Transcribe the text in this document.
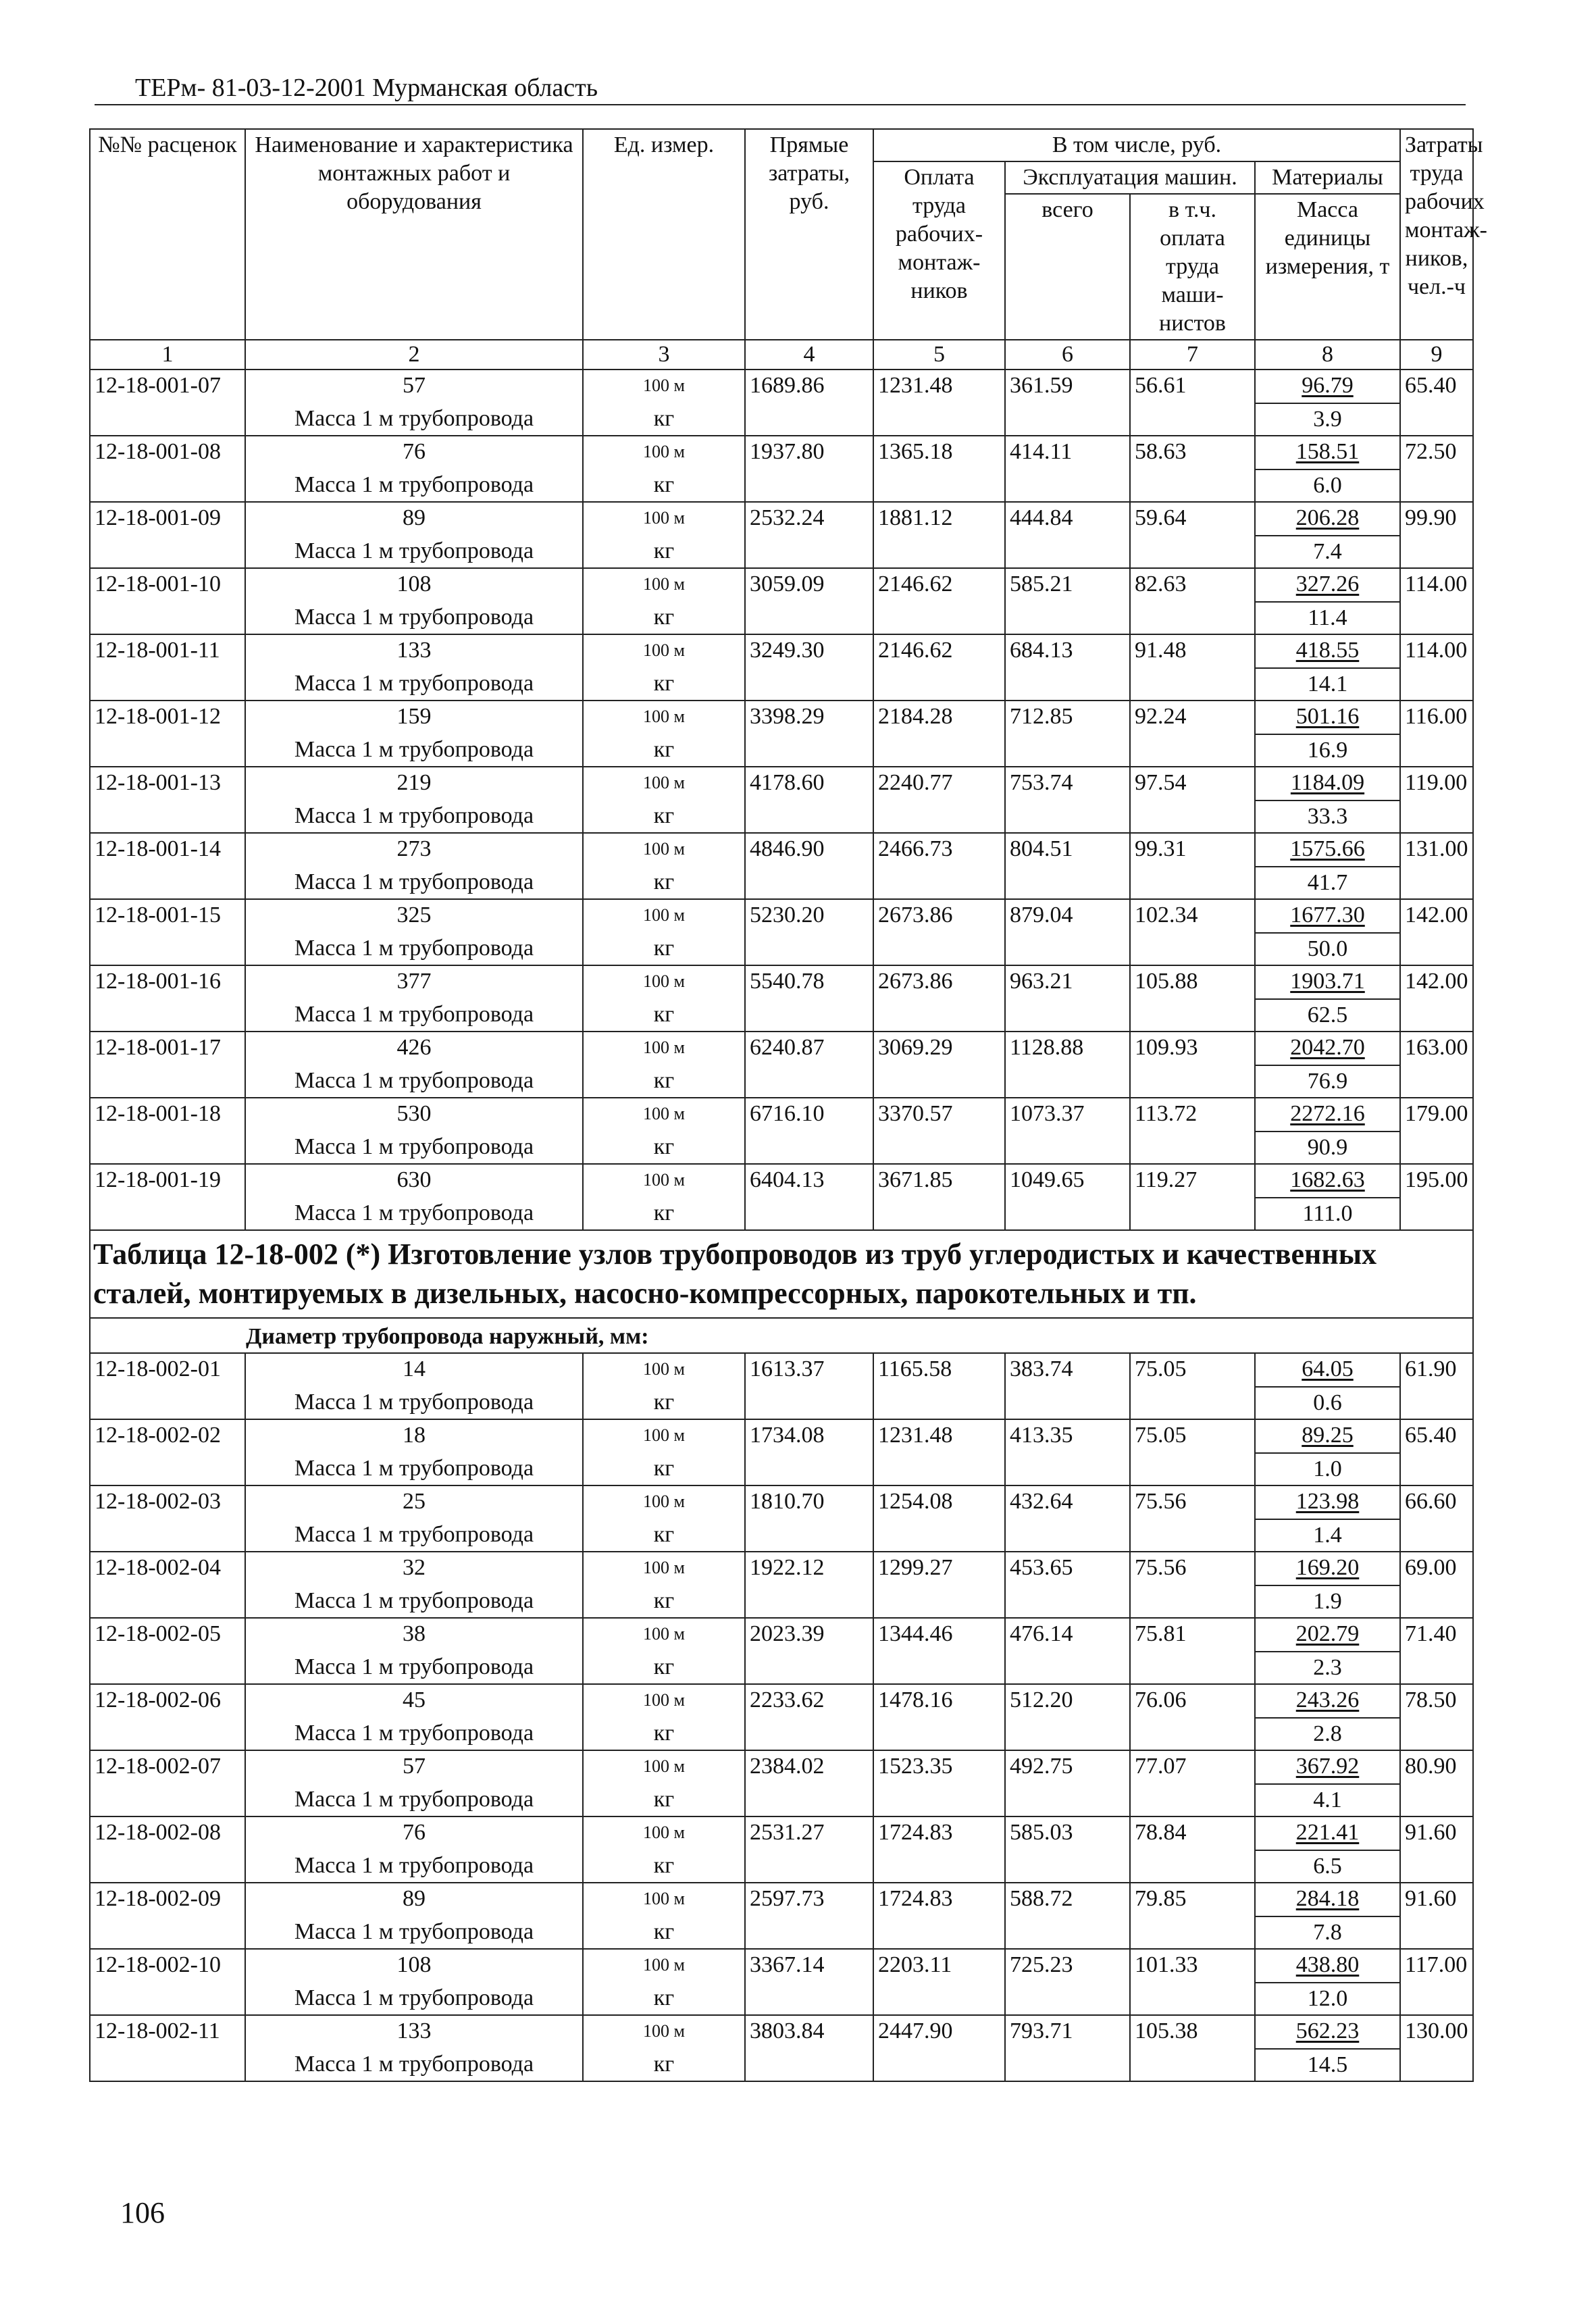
ТЕРм- 81-03-12-2001 Мурманская область
№№ расценок	Наименование и характеристика монтажных работ и оборудования	Ед. измер.	Прямые затраты, руб.	В том числе, руб.				Затраты труда рабочих монтаж-ников, чел.-ч
				Оплата труда рабочих-монтаж-ников	Эксплуатация машин.		Материалы	
					всего	в т.ч. оплата труда маши-нистов	Масса единицы измерения, т	
1	2	3	4	5	6	7	8	9
12-18-001-07	57	100 м	1689.86	1231.48	361.59	56.61	96.79	65.40
	Масса 1 м трубопровода	кг					3.9	
12-18-001-08	76	100 м	1937.80	1365.18	414.11	58.63	158.51	72.50
	Масса 1 м трубопровода	кг					6.0	
12-18-001-09	89	100 м	2532.24	1881.12	444.84	59.64	206.28	99.90
	Масса 1 м трубопровода	кг					7.4	
12-18-001-10	108	100 м	3059.09	2146.62	585.21	82.63	327.26	114.00
	Масса 1 м трубопровода	кг					11.4	
12-18-001-11	133	100 м	3249.30	2146.62	684.13	91.48	418.55	114.00
	Масса 1 м трубопровода	кг					14.1	
12-18-001-12	159	100 м	3398.29	2184.28	712.85	92.24	501.16	116.00
	Масса 1 м трубопровода	кг					16.9	
12-18-001-13	219	100 м	4178.60	2240.77	753.74	97.54	1184.09	119.00
	Масса 1 м трубопровода	кг					33.3	
12-18-001-14	273	100 м	4846.90	2466.73	804.51	99.31	1575.66	131.00
	Масса 1 м трубопровода	кг					41.7	
12-18-001-15	325	100 м	5230.20	2673.86	879.04	102.34	1677.30	142.00
	Масса 1 м трубопровода	кг					50.0	
12-18-001-16	377	100 м	5540.78	2673.86	963.21	105.88	1903.71	142.00
	Масса 1 м трубопровода	кг					62.5	
12-18-001-17	426	100 м	6240.87	3069.29	1128.88	109.93	2042.70	163.00
	Масса 1 м трубопровода	кг					76.9	
12-18-001-18	530	100 м	6716.10	3370.57	1073.37	113.72	2272.16	179.00
	Масса 1 м трубопровода	кг					90.9	
12-18-001-19	630	100 м	6404.13	3671.85	1049.65	119.27	1682.63	195.00
	Масса 1 м трубопровода	кг					111.0	
Таблица 12-18-002 (*) Изготовление узлов трубопроводов из труб углеродистых и качественных сталей, монтируемых в дизельных, насосно-компрессорных, парокотельных и тп.								
Диаметр трубопровода наружный, мм:								
12-18-002-01	14	100 м	1613.37	1165.58	383.74	75.05	64.05	61.90
	Масса 1 м трубопровода	кг					0.6	
12-18-002-02	18	100 м	1734.08	1231.48	413.35	75.05	89.25	65.40
	Масса 1 м трубопровода	кг					1.0	
12-18-002-03	25	100 м	1810.70	1254.08	432.64	75.56	123.98	66.60
	Масса 1 м трубопровода	кг					1.4	
12-18-002-04	32	100 м	1922.12	1299.27	453.65	75.56	169.20	69.00
	Масса 1 м трубопровода	кг					1.9	
12-18-002-05	38	100 м	2023.39	1344.46	476.14	75.81	202.79	71.40
	Масса 1 м трубопровода	кг					2.3	
12-18-002-06	45	100 м	2233.62	1478.16	512.20	76.06	243.26	78.50
	Масса 1 м трубопровода	кг					2.8	
12-18-002-07	57	100 м	2384.02	1523.35	492.75	77.07	367.92	80.90
	Масса 1 м трубопровода	кг					4.1	
12-18-002-08	76	100 м	2531.27	1724.83	585.03	78.84	221.41	91.60
	Масса 1 м трубопровода	кг					6.5	
12-18-002-09	89	100 м	2597.73	1724.83	588.72	79.85	284.18	91.60
	Масса 1 м трубопровода	кг					7.8	
12-18-002-10	108	100 м	3367.14	2203.11	725.23	101.33	438.80	117.00
	Масса 1 м трубопровода	кг					12.0	
12-18-002-11	133	100 м	3803.84	2447.90	793.71	105.38	562.23	130.00
	Масса 1 м трубопровода	кг					14.5	
106
